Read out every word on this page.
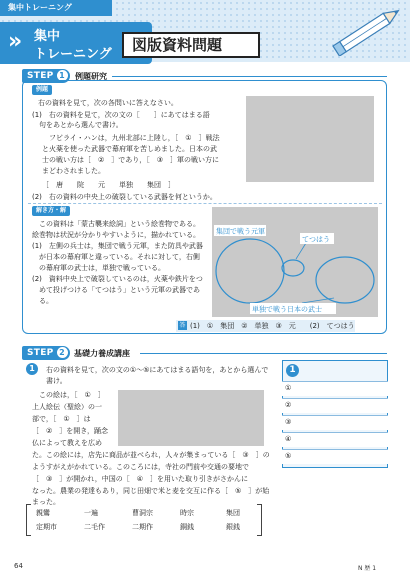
集中トレーニング
» 集中
トレーニング
図版資料問題
STEP 1	例題研究
例題
右の資料を見て，次の各問いに答えなさい。
(1)　右の資料を見て，次の文の［　　］にあてはまる語
　句をあとから選んで書け。
　フビライ・ハンは，九州北部に上陸し，［　①　］戦法
と火薬を使った武器で幕府軍を苦しめました。日本の武
士の戦い方は［　②　］であり，［　③　］軍の戦い方に
まどわされました。
［　唐　　院　　元　　単独　　集団　］
(2)　右の資料の中央上の破裂している武器を何というか。
解き方・解
　この資料は「蒙古襲来絵詞」という絵巻物である。
絵巻物は状況が分かりやすいように，描かれている。
(1)　左側の兵士は，集団で戦う元軍，また防具や武器
　が日本の幕府軍と違っている。それに対して，右側
　の幕府軍の武士は，単独で戦っている。
(2)　資料中央上で破裂しているのは，火薬や鉄片をつ
　めて投げつける「てつはう」という元軍の武器であ
　る。
集団で戦う元軍
てつはう
単独で戦う日本の武士
答 (1)　①　集団　②　単独　③　元　　(2)　てつはう
STEP 2	基礎力養成講座
1	右の資料を見て，次の文の①～⑤にあてはまる語句を，あとから選んで
書け。
　この絵は，［　①　］
上人絵伝（聖絵）の一
部で，［　①　］は
［　②　］を開き，踊念
仏によって教えを広め
た。この絵には，店先に商品が並べられ，人々が集まっている［　③　］の
ようすがえがかれている。このころには，寺社の門前や交通の要地で
［　③　］が開かれ，中国の［　④　］を用いた取り引きがさかんに
なった。農業の発達もあり，同じ田畑で米と麦を交互に作る［　⑤　］が始
まった。
親鸞	一遍	曹洞宗	時宗	集団
定期市	二毛作	二期作	銅銭	銀銭
1
①
②
③
④
⑤
64	N 歴 1
